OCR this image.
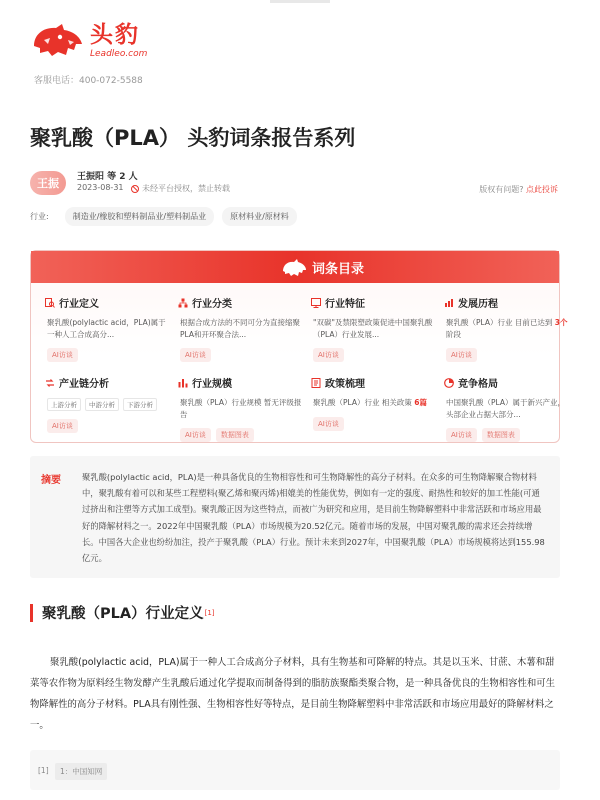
头豹
Leadleo.com
客服电话：400-072-5588
聚乳酸（PLA） 头豹词条报告系列
王振	王振阳 等 2 人
2023-08-31 未经平台授权，禁止转载	版权有问题? 点此投诉
行业:	制造业/橡胶和塑料制品业/塑料制品业	原材料业/原材料
词条目录
行业定义
聚乳酸(polylactic acid，PLA)属于一种人工合成高分...
AI访谈
行业分类
根据合成方法的不同可分为直接缩聚PLA和开环聚合法...
AI访谈
行业特征
"双碳"及禁限塑政策促进中国聚乳酸（PLA）行业发展...
AI访谈
发展历程
聚乳酸（PLA）行业 目前已达到 3个阶段
AI访谈
产业链分析
上游分析	中游分析	下游分析
AI访谈
行业规模
聚乳酸（PLA）行业规模 暂无评级报告
AI访谈	数据图表
政策梳理
聚乳酸（PLA）行业 相关政策 6篇
AI访谈
竞争格局
中国聚乳酸（PLA）属于新兴产业，头部企业占据大部分...
AI访谈	数据图表
摘要	聚乳酸(polylactic acid，PLA)是一种具备优良的生物相容性和可生物降解性的高分子材料。在众多的可生物降解聚合物材料中，聚乳酸有着可以和某些工程塑料(聚乙烯和聚丙烯)相媲美的性能优势，例如有一定的强度、耐热性和较好的加工性能(可通过挤出和注塑等方式加工成型)。聚乳酸正因为这些特点，而被广为研究和应用，是目前生物降解塑料中非常活跃和市场应用最好的降解材料之一。2022年中国聚乳酸（PLA）市场规模为20.52亿元。随着市场的发展，中国对聚乳酸的需求还会持续增长。中国各大企业也纷纷加注，投产于聚乳酸（PLA）行业。预计未来到2027年，中国聚乳酸（PLA）市场规模将达到155.98亿元。
聚乳酸（PLA）行业定义 [1]
聚乳酸(polylactic acid，PLA)属于一种人工合成高分子材料，具有生物基和可降解的特点。其是以玉米、甘蔗、木薯和甜菜等农作物为原料经生物发酵产生乳酸后通过化学提取而制备得到的脂肪族聚酯类聚合物，是一种具备优良的生物相容性和可生物降解性的高分子材料。PLA具有刚性强、生物相容性好等特点，是目前生物降解塑料中非常活跃和市场应用最好的降解材料之一。
[1]	1：中国知网
